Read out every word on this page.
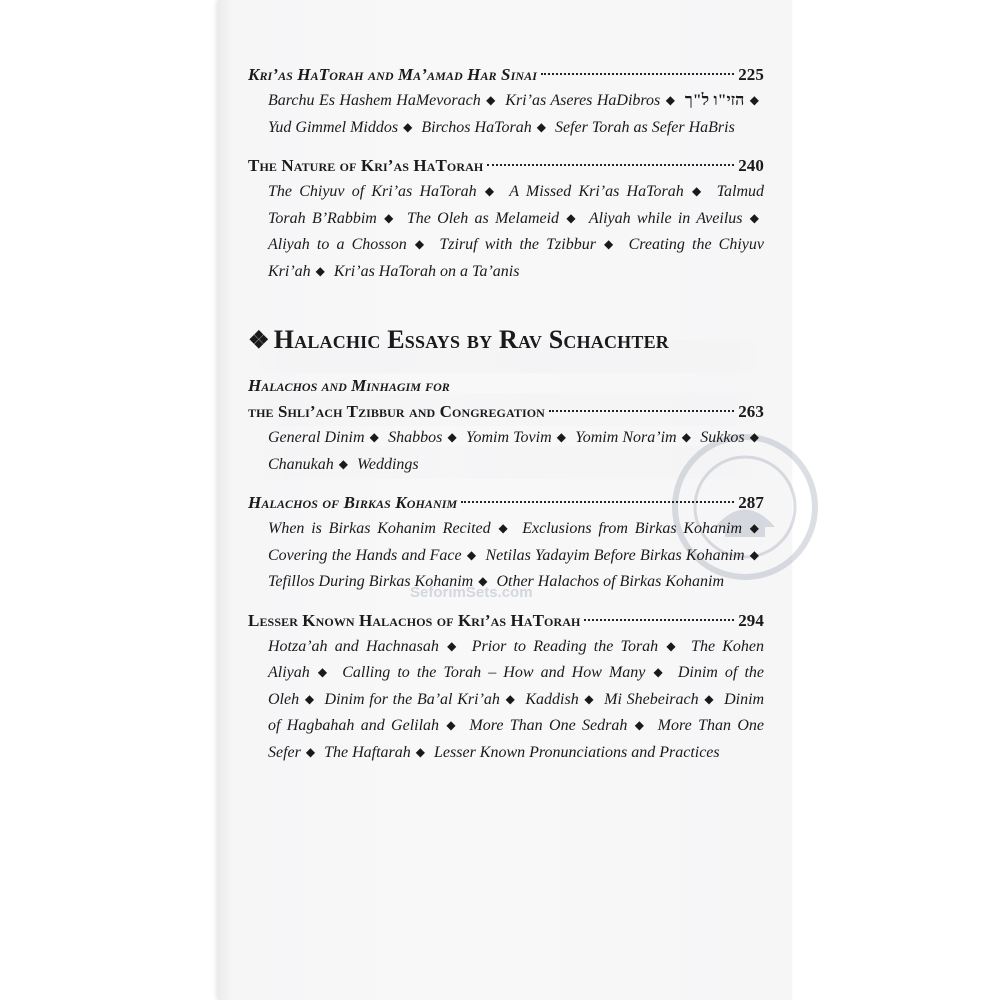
Kri’as HaTorah and Ma’amad Har Sinai	225
Barchu Es Hashem HaMevorach ◆ Kri’as Aseres HaDibros ◆ הזי"ו ל"ך ◆ Yud Gimmel Middos ◆ Birchos HaTorah ◆ Sefer Torah as Sefer HaBris
The Nature of Kri’as HaTorah	240
The Chiyuv of Kri’as HaTorah ◆ A Missed Kri’as HaTorah ◆ Talmud Torah B’Rabbim ◆ The Oleh as Melameid ◆ Aliyah while in Aveilus ◆ Aliyah to a Chosson ◆ Tziruf with the Tzibbur ◆ Creating the Chiyuv Kri’ah ◆ Kri’as HaTorah on a Ta’anis
❖ Halachic Essays by Rav Schachter
Halachos and Minhagim for
the Shli’ach Tzibbur and Congregation	263
General Dinim ◆ Shabbos ◆ Yomim Tovim ◆ Yomim Nora’im ◆ Sukkos ◆ Chanukah ◆ Weddings
Halachos of Birkas Kohanim	287
When is Birkas Kohanim Recited ◆ Exclusions from Birkas Kohanim ◆ Covering the Hands and Face ◆ Netilas Yadayim Before Birkas Kohanim ◆ Tefillos During Birkas Kohanim ◆ Other Halachos of Birkas Kohanim
Lesser Known Halachos of Kri’as HaTorah	294
Hotza’ah and Hachnasah ◆ Prior to Reading the Torah ◆ The Kohen Aliyah ◆ Calling to the Torah – How and How Many ◆ Dinim of the Oleh ◆ Dinim for the Ba’al Kri’ah ◆ Kaddish ◆ Mi Shebeirach ◆ Dinim of Hagbahah and Gelilah ◆ More Than One Sedrah ◆ More Than One Sefer ◆ The Haftarah ◆ Lesser Known Pronunciations and Practices
SeforimSets.com
